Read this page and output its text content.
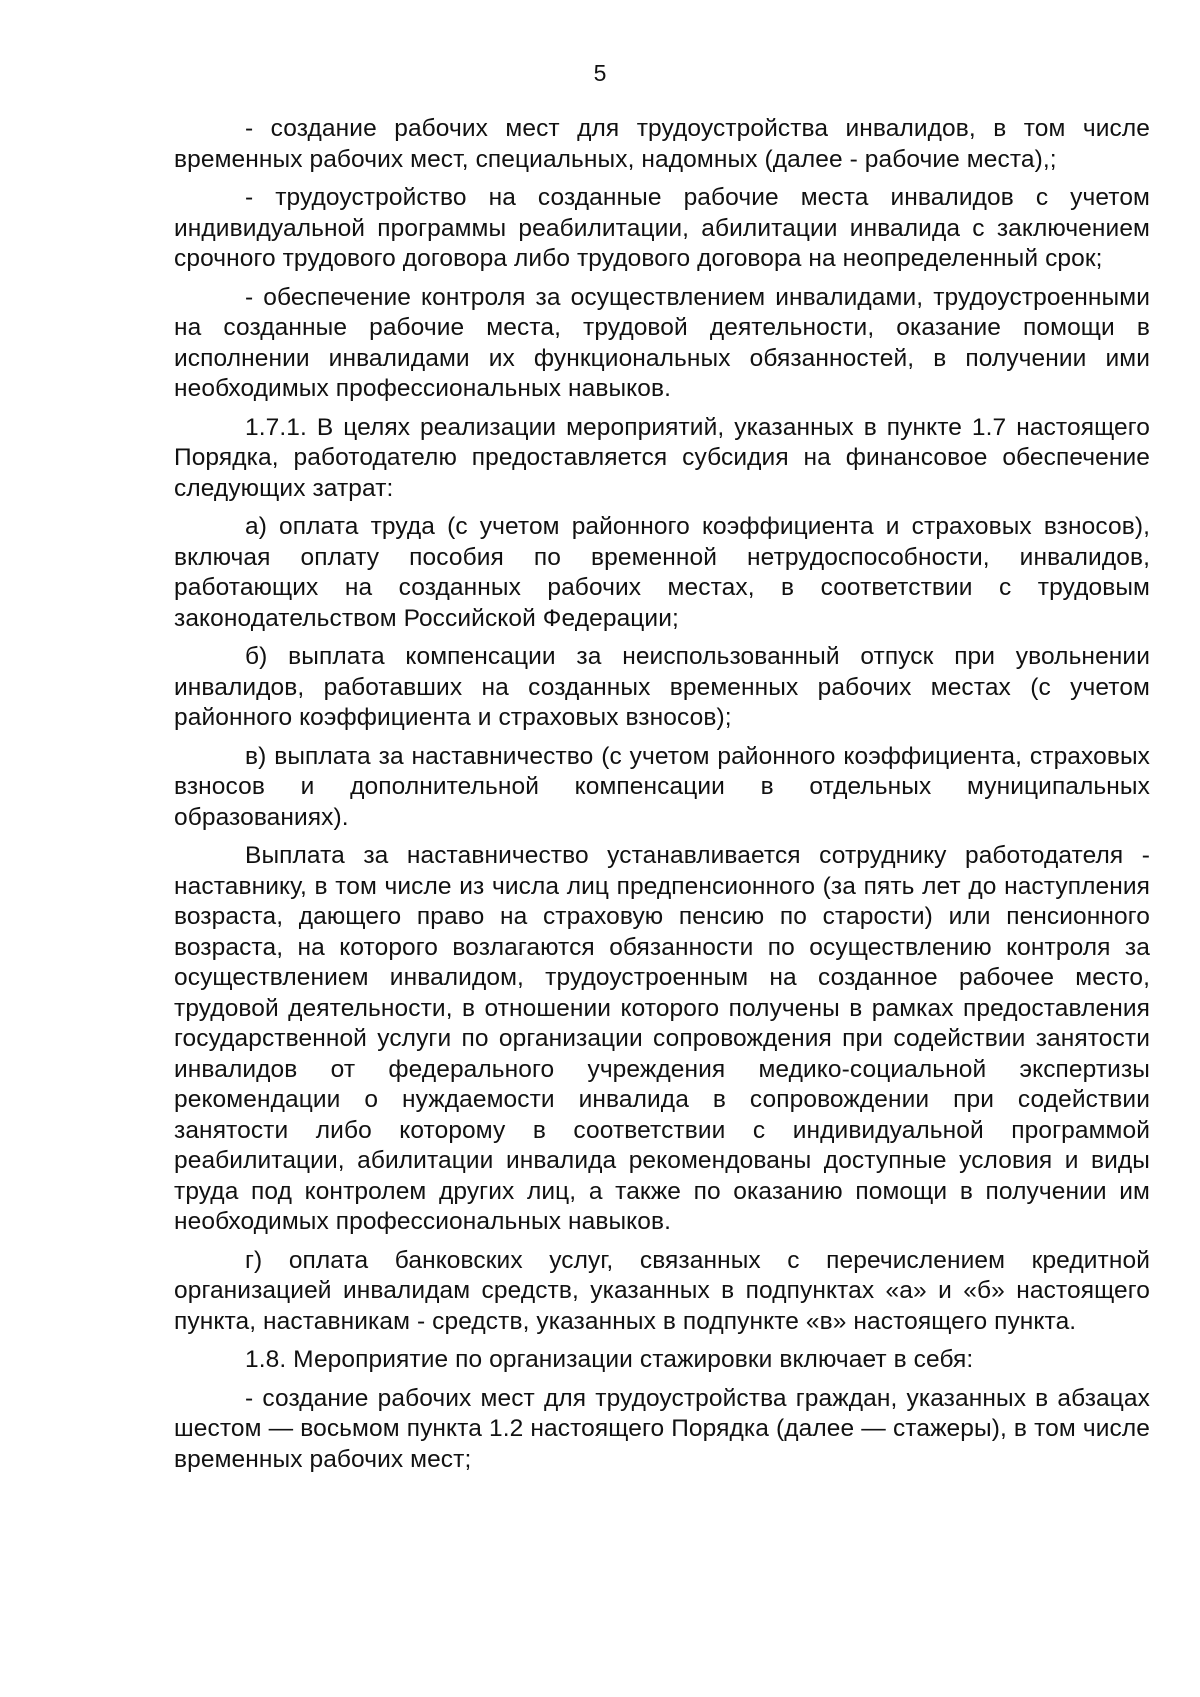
5

- создание рабочих мест для трудоустройства инвалидов, в том числе временных рабочих мест, специальных, надомных (далее - рабочие места),;

- трудоустройство на созданные рабочие места инвалидов с учетом индивидуальной программы реабилитации, абилитации инвалида с заключением срочного трудового договора либо трудового договора на неопределенный срок;

- обеспечение контроля за осуществлением инвалидами, трудоустроенными на созданные рабочие места, трудовой деятельности, оказание помощи в исполнении инвалидами их функциональных обязанностей, в получении ими необходимых профессиональных навыков.

1.7.1. В целях реализации мероприятий, указанных в пункте 1.7 настоящего Порядка, работодателю предоставляется субсидия на финансовое обеспечение следующих затрат:

а) оплата труда (с учетом районного коэффициента и страховых взносов), включая оплату пособия по временной нетрудоспособности, инвалидов, работающих на созданных рабочих местах, в соответствии с трудовым законодательством Российской Федерации;

б) выплата компенсации за неиспользованный отпуск при увольнении инвалидов, работавших на созданных временных рабочих местах (с учетом районного коэффициента и страховых взносов);

в) выплата за наставничество (с учетом районного коэффициента, страховых взносов и дополнительной компенсации в отдельных муниципальных образованиях).

Выплата за наставничество устанавливается сотруднику работодателя - наставнику, в том числе из числа лиц предпенсионного (за пять лет до наступления возраста, дающего право на страховую пенсию по старости) или пенсионного возраста, на которого возлагаются обязанности по осуществлению контроля за осуществлением инвалидом, трудоустроенным на созданное рабочее место, трудовой деятельности, в отношении которого получены в рамках предоставления государственной услуги по организации сопровождения при содействии занятости инвалидов от федерального учреждения медико-социальной экспертизы рекомендации о нуждаемости инвалида в сопровождении при содействии занятости либо которому в соответствии с индивидуальной программой реабилитации, абилитации инвалида рекомендованы доступные условия и виды труда под контролем других лиц, а также по оказанию помощи в получении им необходимых профессиональных навыков.

г) оплата банковских услуг, связанных с перечислением кредитной организацией инвалидам средств, указанных в подпунктах «а» и «б» настоящего пункта, наставникам - средств, указанных в подпункте «в» настоящего пункта.

1.8. Мероприятие по организации стажировки включает в себя:

- создание рабочих мест для трудоустройства граждан, указанных в абзацах шестом — восьмом пункта 1.2 настоящего Порядка (далее — стажеры), в том числе временных рабочих мест;
